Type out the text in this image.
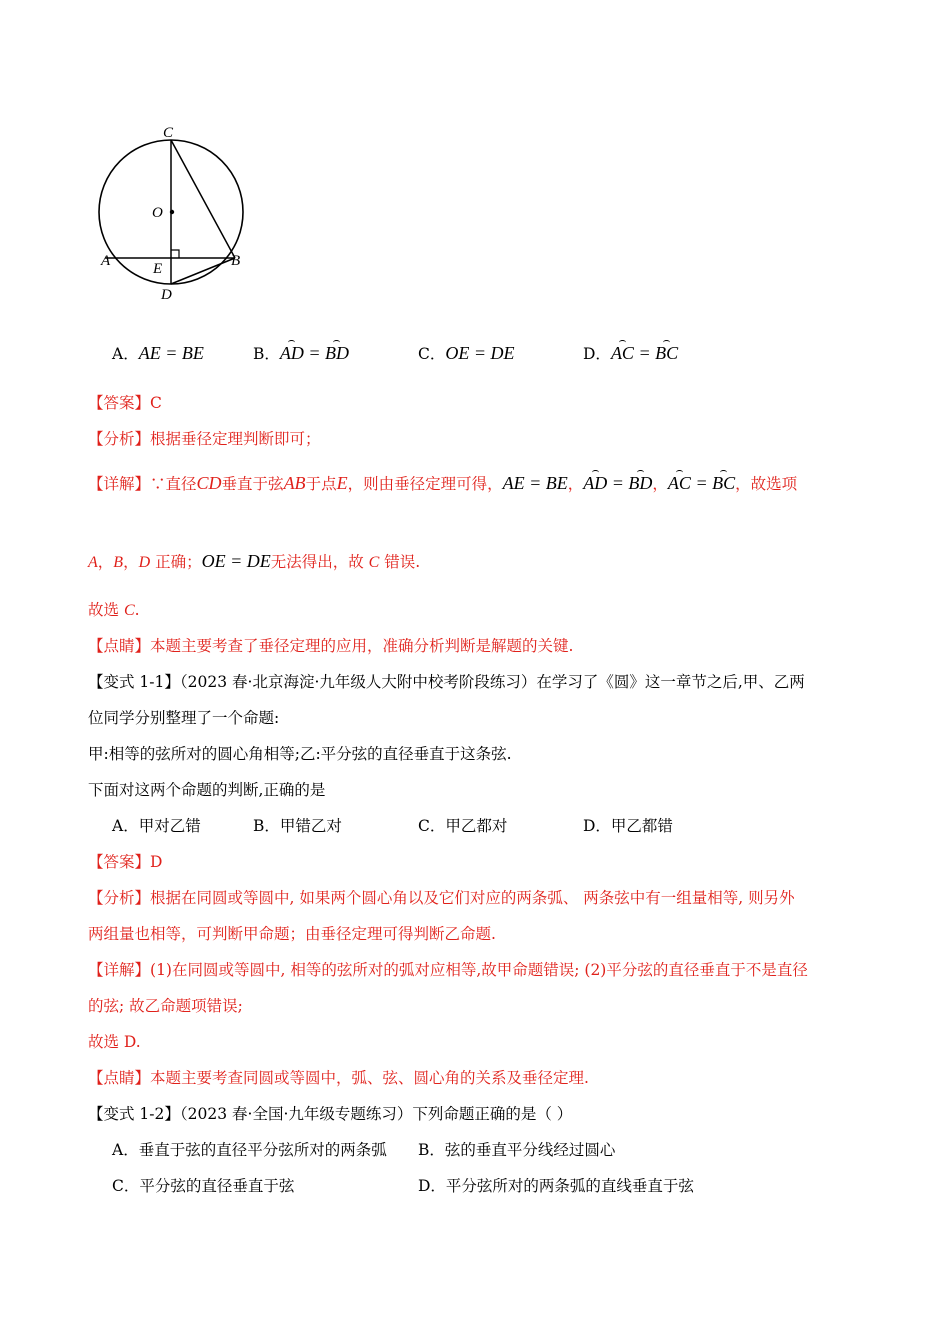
C
O
A	E	B
D
A．AE = BE	B．AD = BD	C．OE = DE	D．AC = BC
【答案】C
【分析】根据垂径定理判断即可；
【详解】∵直径CD垂直于弦AB于点E，则由垂径定理可得，AE = BE，AD = BD，AC = BC，故选项
A，B，D 正确；OE = DE无法得出，故 C 错误.
故选 C.
【点睛】本题主要考查了垂径定理的应用，准确分析判断是解题的关键.
【变式 1-1】（2023 春·北京海淀·九年级人大附中校考阶段练习）在学习了《圆》这一章节之后,甲、乙两
位同学分别整理了一个命题:
甲:相等的弦所对的圆心角相等;乙:平分弦的直径垂直于这条弦.
下面对这两个命题的判断,正确的是
A．甲对乙错	B．甲错乙对	C．甲乙都对	D．甲乙都错
【答案】D
【分析】根据在同圆或等圆中, 如果两个圆心角以及它们对应的两条弧、 两条弦中有一组量相等, 则另外
两组量也相等，可判断甲命题；由垂径定理可得判断乙命题.
【详解】(1)在同圆或等圆中, 相等的弦所对的弧对应相等,故甲命题错误; (2)平分弦的直径垂直于不是直径
的弦; 故乙命题项错误;
故选 D.
【点睛】本题主要考查同圆或等圆中，弧、弦、圆心角的关系及垂径定理.
【变式 1-2】（2023 春·全国·九年级专题练习）下列命题正确的是（ ）
A．垂直于弦的直径平分弦所对的两条弧 B．弦的垂直平分线经过圆心
C．平分弦的直径垂直于弦	D．平分弦所对的两条弧的直线垂直于弦
